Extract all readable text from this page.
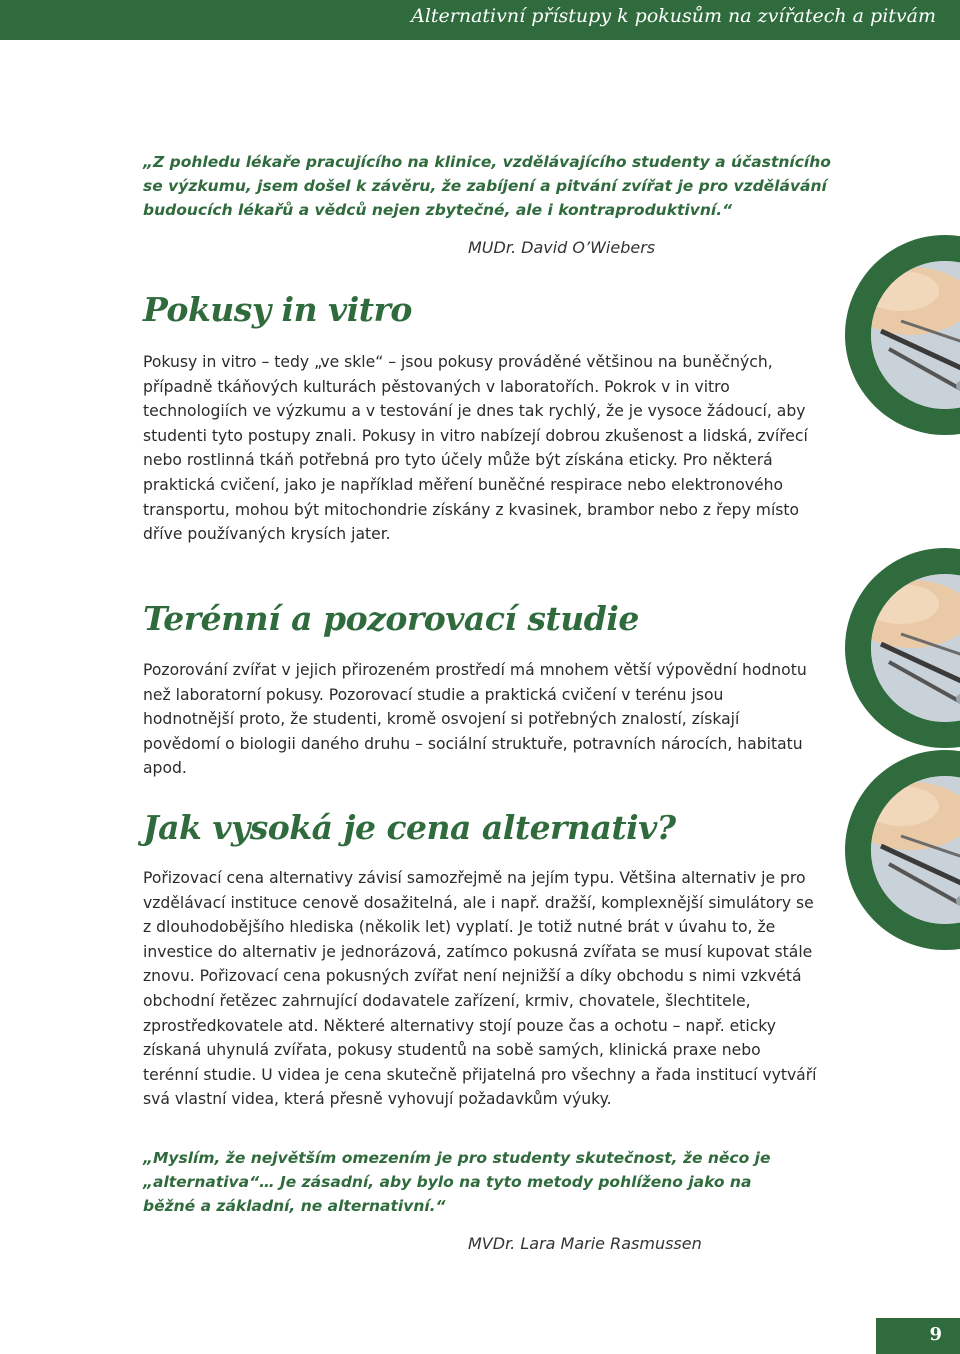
Alternativní přístupy k pokusům na zvířatech a pitvám

„Z pohledu lékaře pracujícího na klinice, vzdělávajícího studenty a účastnícího se výzkumu, jsem došel k závěru, že zabíjení a pitvání zvířat je pro vzdělávání budoucích lékařů a vědců nejen zbytečné, ale i kontraproduktivní.“

MUDr. David O’Wiebers
Pokusy in vitro

Pokusy in vitro – tedy „ve skle“ – jsou pokusy prováděné většinou na buněčných, případně tkáňových kulturách pěstovaných v laboratořích. Pokrok v in vitro technologiích ve výzkumu a v testování je dnes tak rychlý, že je vysoce žádoucí, aby studenti tyto postupy znali. Pokusy in vitro nabízejí dobrou zkušenost a lidská, zvířecí nebo rostlinná tkáň potřebná pro tyto účely může být získána eticky. Pro některá praktická cvičení, jako je například měření buněčné respirace nebo elektronového transportu, mohou být mitochondrie získány z kvasinek, brambor nebo z řepy místo dříve používaných krysích jater.

Terénní a pozorovací studie

Pozorování zvířat v jejich přirozeném prostředí má mnohem větší výpovědní hodnotu než laboratorní pokusy. Pozorovací studie a praktická cvičení v terénu jsou hodnotnější proto, že studenti, kromě osvojení si potřebných znalostí, získají povědomí o biologii daného druhu – sociální struktuře, potravních nárocích, habitatu apod.

Jak vysoká je cena alternativ?

Pořizovací cena alternativy závisí samozřejmě na jejím typu. Většina alternativ je pro vzdělávací instituce cenově dosažitelná, ale i např. dražší, komplexnější simulátory se z dlouhodobějšího hlediska (několik let) vyplatí. Je totiž nutné brát v úvahu to, že investice do alternativ je jednorázová, zatímco pokusná zvířata se musí kupovat stále znovu. Pořizovací cena pokusných zvířat není nejnižší a díky obchodu s nimi vzkvétá obchodní řetězec zahrnující dodavatele zařízení, krmiv, chovatele, šlechtitele, zprostředkovatele atd. Některé alternativy stojí pouze čas a ochotu – např. eticky získaná uhynulá zvířata, pokusy studentů na sobě samých, klinická praxe nebo terénní studie. U videa je cena skutečně přijatelná pro všechny a řada institucí vytváří svá vlastní videa, která přesně vyhovují požadavkům výuky.

„Myslím, že největším omezením je pro studenty skutečnost, že něco je „alternativa“… Je zásadní, aby bylo na tyto metody pohlíženo jako na běžné a základní, ne alternativní.“

MVDr. Lara Marie Rasmussen
9
